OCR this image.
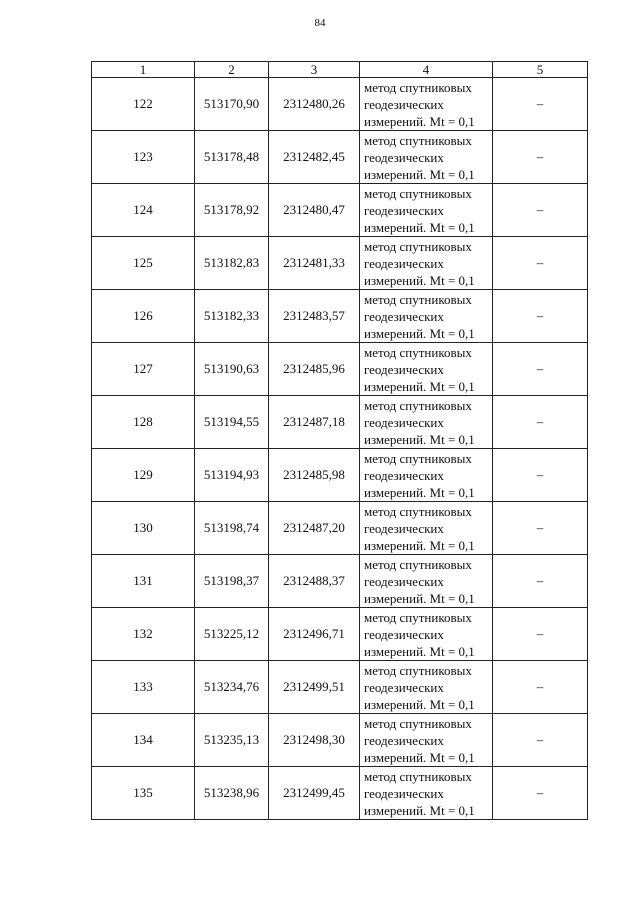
84
1	2	3	4	5
122	513170,90	2312480,26	метод спутниковых
геодезических
измерений. Mt = 0,1	–
123	513178,48	2312482,45	метод спутниковых
геодезических
измерений. Mt = 0,1	–
124	513178,92	2312480,47	метод спутниковых
геодезических
измерений. Mt = 0,1	–
125	513182,83	2312481,33	метод спутниковых
геодезических
измерений. Mt = 0,1	–
126	513182,33	2312483,57	метод спутниковых
геодезических
измерений. Mt = 0,1	–
127	513190,63	2312485,96	метод спутниковых
геодезических
измерений. Mt = 0,1	–
128	513194,55	2312487,18	метод спутниковых
геодезических
измерений. Mt = 0,1	–
129	513194,93	2312485,98	метод спутниковых
геодезических
измерений. Mt = 0,1	–
130	513198,74	2312487,20	метод спутниковых
геодезических
измерений. Mt = 0,1	–
131	513198,37	2312488,37	метод спутниковых
геодезических
измерений. Mt = 0,1	–
132	513225,12	2312496,71	метод спутниковых
геодезических
измерений. Mt = 0,1	–
133	513234,76	2312499,51	метод спутниковых
геодезических
измерений. Mt = 0,1	–
134	513235,13	2312498,30	метод спутниковых
геодезических
измерений. Mt = 0,1	–
135	513238,96	2312499,45	метод спутниковых
геодезических
измерений. Mt = 0,1	–
